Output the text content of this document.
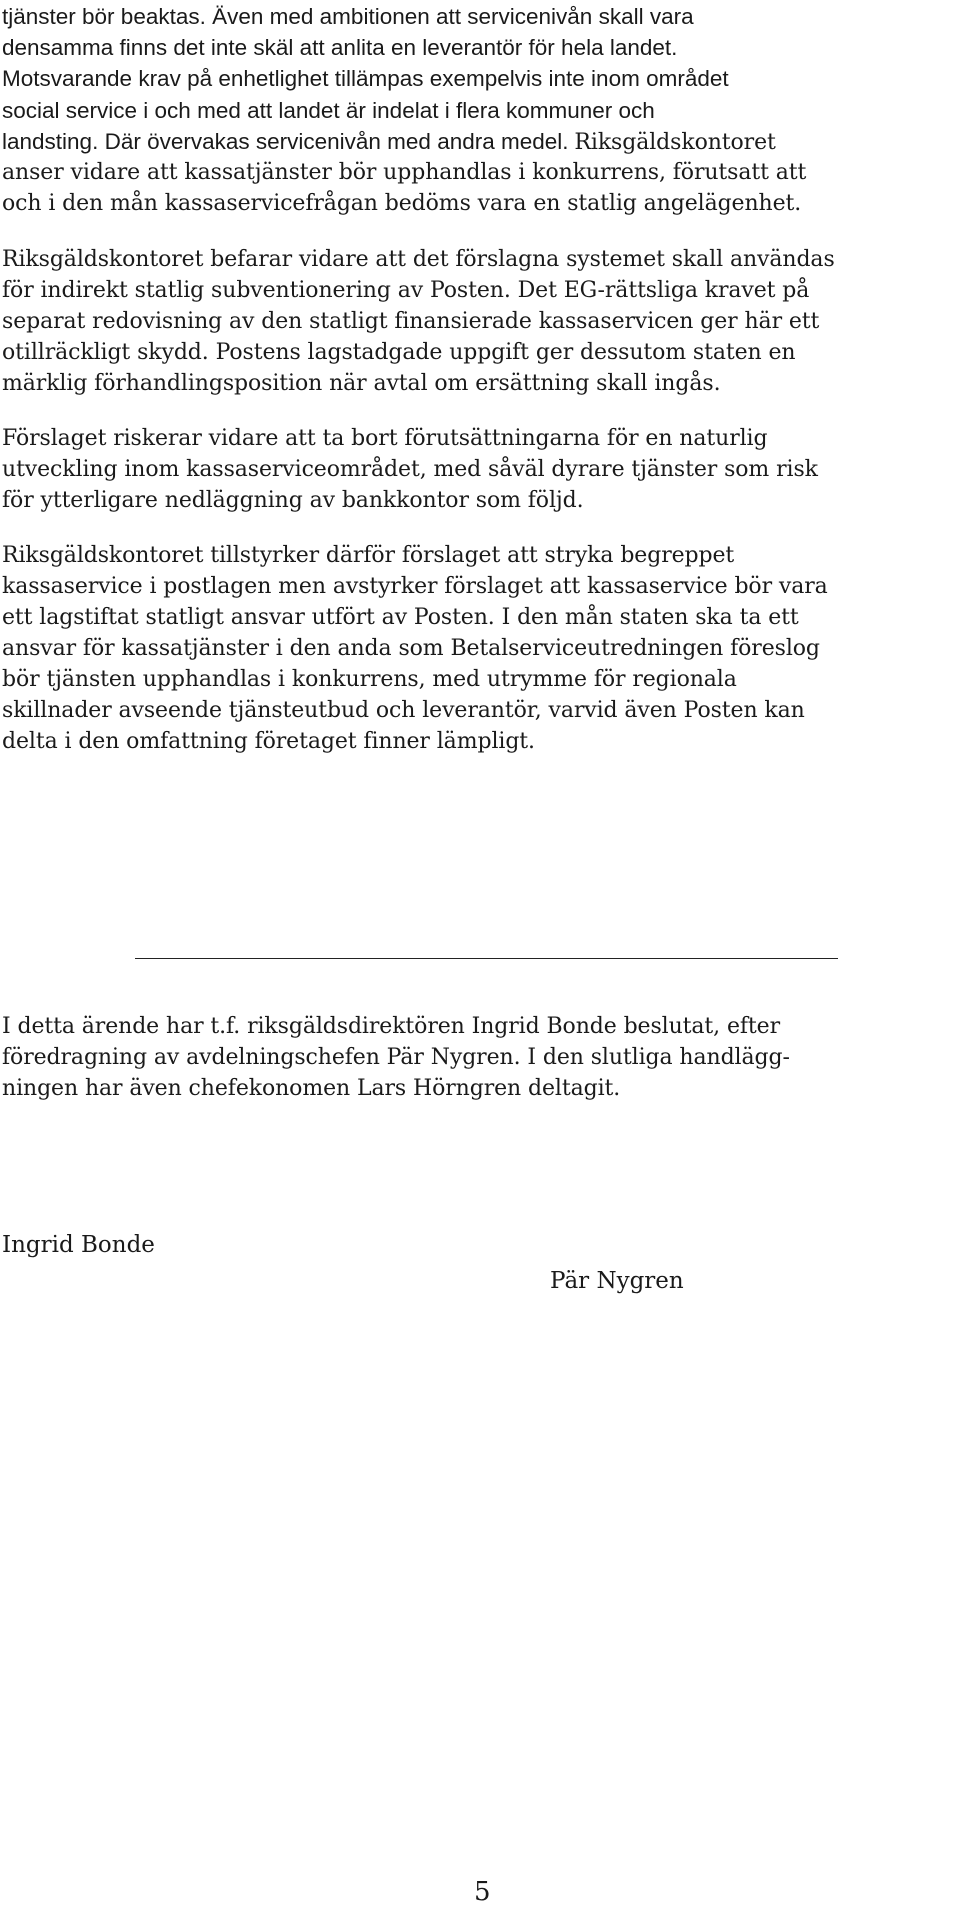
tjänster bör beaktas. Även med ambitionen att servicenivån skall vara
densamma finns det inte skäl att anlita en leverantör för hela landet.
Motsvarande krav på enhetlighet tillämpas exempelvis inte inom området
social service i och med att landet är indelat i flera kommuner och
landsting. Där övervakas servicenivån med andra medel. Riksgäldskontoret
anser vidare att kassatjänster bör upphandlas i konkurrens, förutsatt att
och i den mån kassaservicefrågan bedöms vara en statlig angelägenhet.
Riksgäldskontoret befarar vidare att det förslagna systemet skall användas
för indirekt statlig subventionering av Posten. Det EG-rättsliga kravet på
separat redovisning av den statligt finansierade kassaservicen ger här ett
otillräckligt skydd. Postens lagstadgade uppgift ger dessutom staten en
märklig förhandlingsposition när avtal om ersättning skall ingås.
Förslaget riskerar vidare att ta bort förutsättningarna för en naturlig
utveckling inom kassaserviceområdet, med såväl dyrare tjänster som risk
för ytterligare nedläggning av bankkontor som följd.
Riksgäldskontoret tillstyrker därför förslaget att stryka begreppet
kassaservice i postlagen men avstyrker förslaget att kassaservice bör vara
ett lagstiftat statligt ansvar utfört av Posten. I den mån staten ska ta ett
ansvar för kassatjänster i den anda som Betalserviceutredningen föreslog
bör tjänsten upphandlas i konkurrens, med utrymme för regionala
skillnader avseende tjänsteutbud och leverantör, varvid även Posten kan
delta i den omfattning företaget finner lämpligt.
I detta ärende har t.f. riksgäldsdirektören Ingrid Bonde beslutat, efter
föredragning av avdelningschefen Pär Nygren. I den slutliga handlägg-
ningen har även chefekonomen Lars Hörngren deltagit.
Ingrid Bonde
Pär Nygren
5
